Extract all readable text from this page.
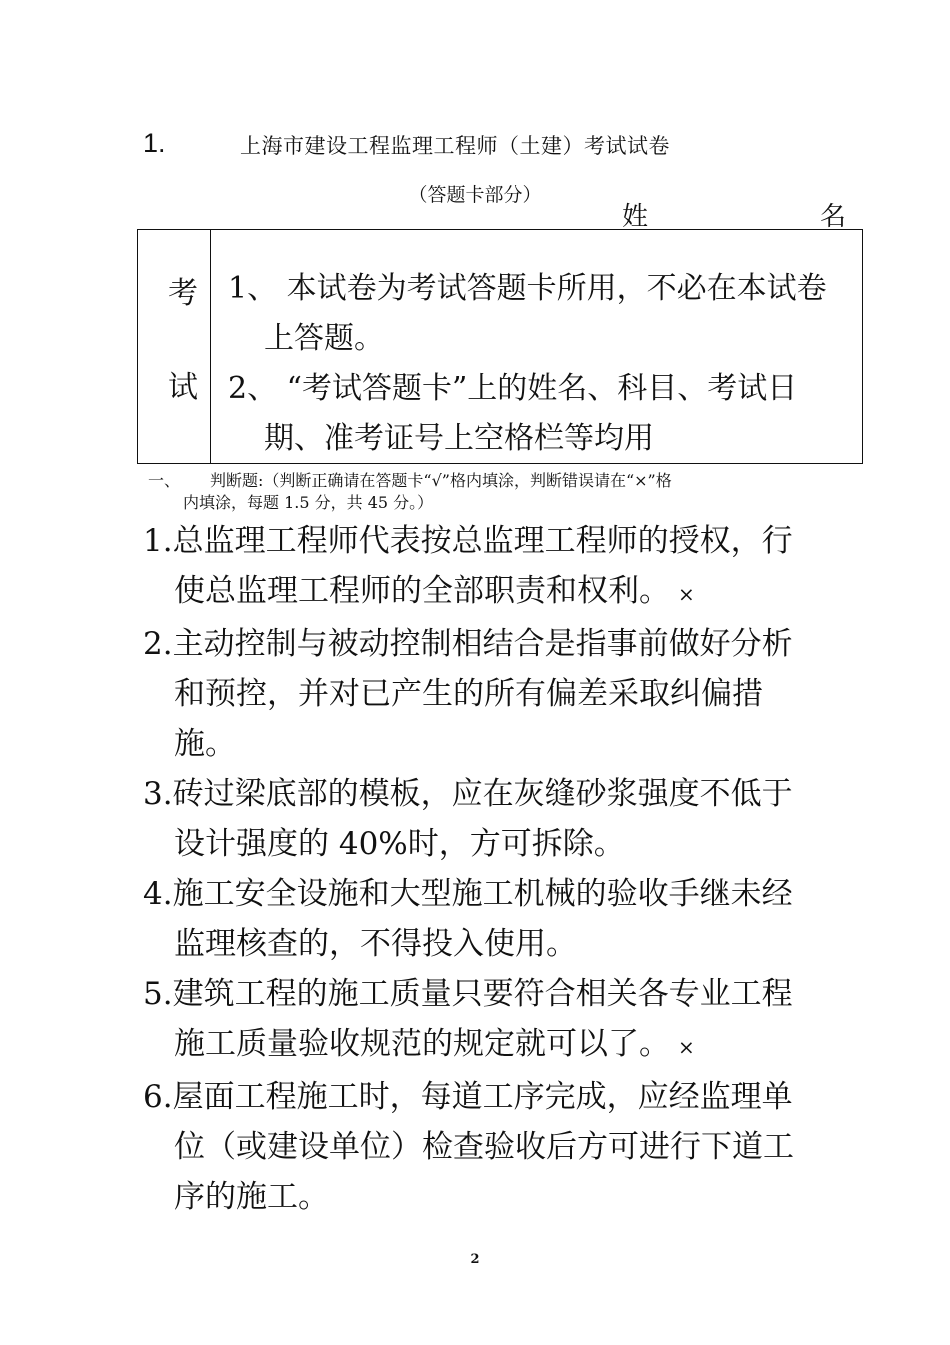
1.	上海市建设工程监理工程师（土建）考试试卷
（答题卡部分）
姓	名
考
试

1、 本试卷为考试答题卡所用，不必在本试卷上答题。

2、 “考试答题卡”上的姓名、科目、考试日期、准考证号上空格栏等均用

一、 判断题:（判断正确请在答题卡“√”格内填涂，判断错误请在“×”格
内填涂，每题 1.5 分，共 45 分。）

1.总监理工程师代表按总监理工程师的授权，行使总监理工程师的全部职责和权利。 ×

2.主动控制与被动控制相结合是指事前做好分析和预控，并对已产生的所有偏差采取纠偏措施。

3.砖过梁底部的模板，应在灰缝砂浆强度不低于设计强度的 40%时，方可拆除。

4.施工安全设施和大型施工机械的验收手继未经监理核查的，不得投入使用。

5.建筑工程的施工质量只要符合相关各专业工程施工质量验收规范的规定就可以了。 ×

6.屋面工程施工时，每道工序完成，应经监理单位（或建设单位）检查验收后方可进行下道工序的施工。

2
